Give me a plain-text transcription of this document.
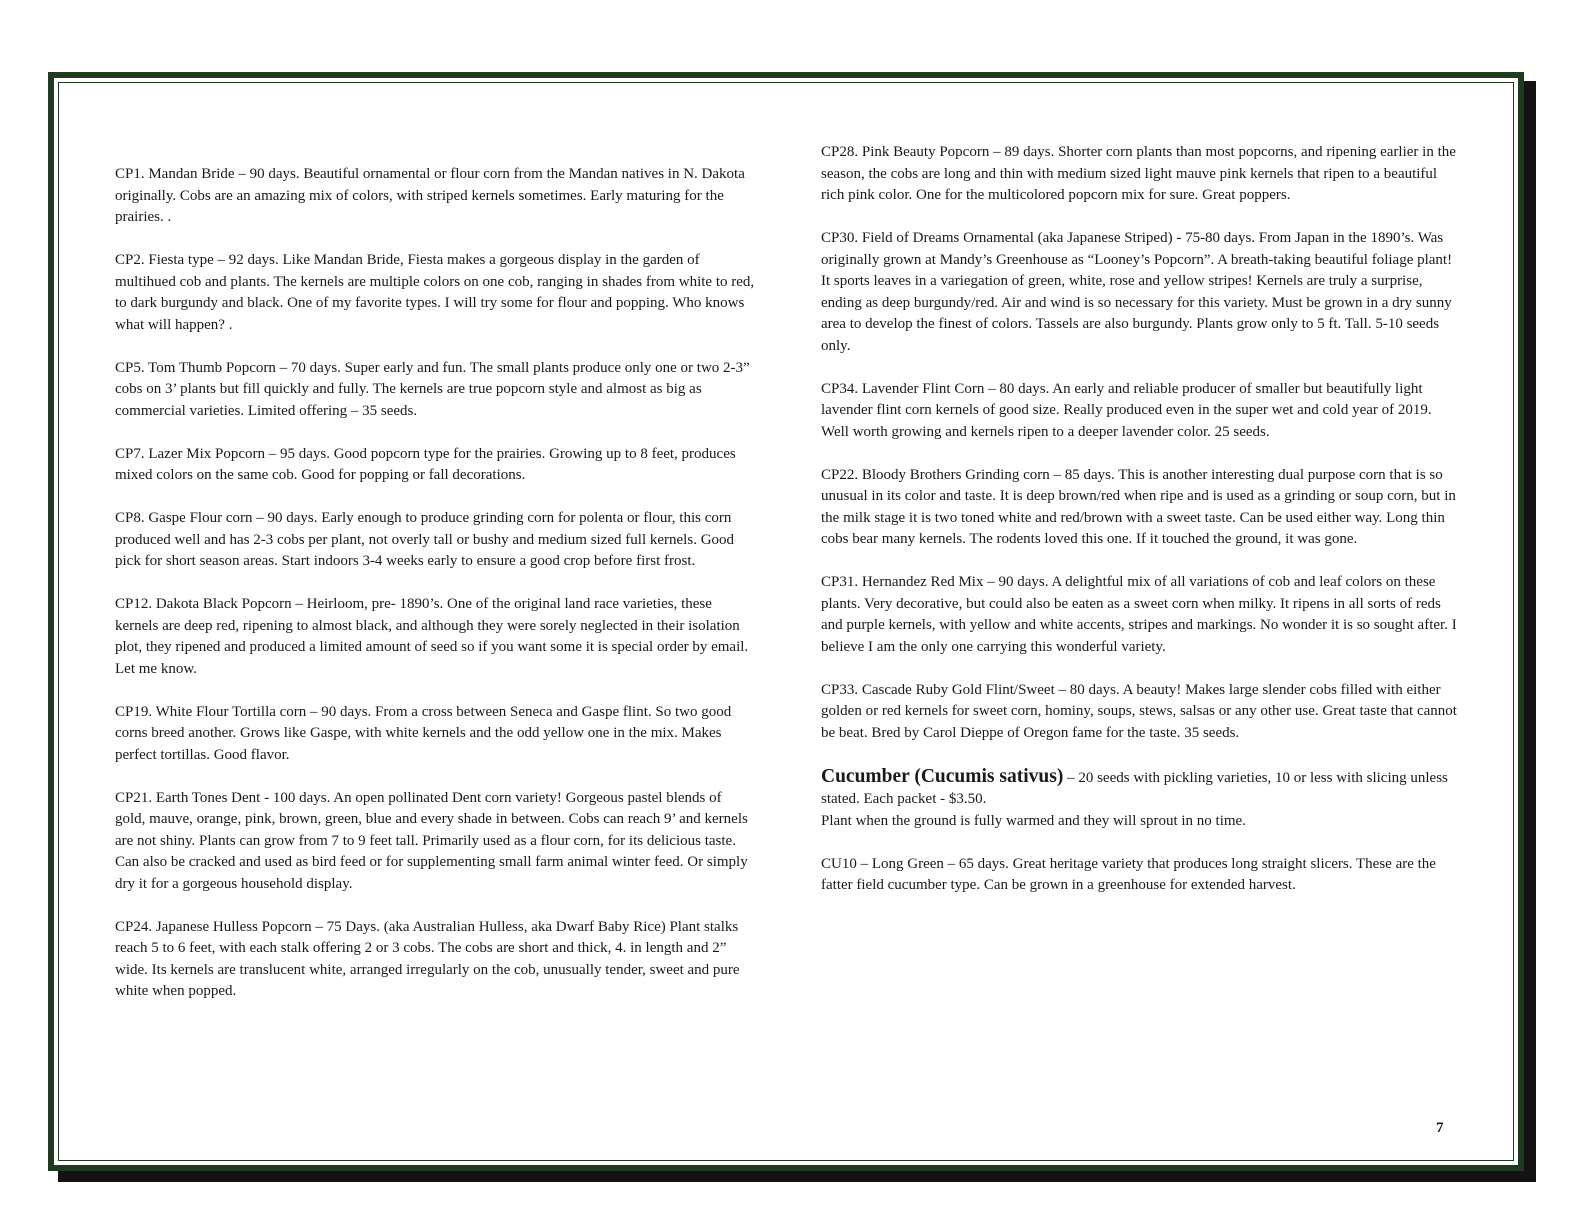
CP1. Mandan Bride – 90 days. Beautiful ornamental or flour corn from the Mandan natives in N. Dakota originally. Cobs are an amazing mix of colors, with striped kernels sometimes. Early maturing for the prairies. .

CP2. Fiesta type – 92 days. Like Mandan Bride, Fiesta makes a gorgeous display in the garden of multihued cob and plants. The kernels are multiple colors on one cob, ranging in shades from white to red, to dark burgundy and black. One of my favorite types. I will try some for flour and popping. Who knows what will happen? .

CP5. Tom Thumb Popcorn – 70 days. Super early and fun. The small plants produce only one or two 2-3” cobs on 3’ plants but fill quickly and fully. The kernels are true popcorn style and almost as big as commercial varieties. Limited offering – 35 seeds.

CP7. Lazer Mix Popcorn – 95 days. Good popcorn type for the prairies. Growing up to 8 feet, produces mixed colors on the same cob. Good for popping or fall decorations.

CP8. Gaspe Flour corn – 90 days. Early enough to produce grinding corn for polenta or flour, this corn produced well and has 2-3 cobs per plant, not overly tall or bushy and medium sized full kernels. Good pick for short season areas. Start indoors 3-4 weeks early to ensure a good crop before first frost.

CP12. Dakota Black Popcorn – Heirloom, pre- 1890’s. One of the original land race varieties, these kernels are deep red, ripening to almost black, and although they were sorely neglected in their isolation plot, they ripened and produced a limited amount of seed so if you want some it is special order by email. Let me know.

CP19. White Flour Tortilla corn – 90 days. From a cross between Seneca and Gaspe flint. So two good corns breed another. Grows like Gaspe, with white kernels and the odd yellow one in the mix. Makes perfect tortillas. Good flavor.

CP21. Earth Tones Dent - 100 days. An open pollinated Dent corn variety! Gorgeous pastel blends of gold, mauve, orange, pink, brown, green, blue and every shade in between. Cobs can reach 9’ and kernels are not shiny. Plants can grow from 7 to 9 feet tall. Primarily used as a flour corn, for its delicious taste. Can also be cracked and used as bird feed or for supplementing small farm animal winter feed. Or simply dry it for a gorgeous household display.

CP24. Japanese Hulless Popcorn – 75 Days. (aka Australian Hulless, aka Dwarf Baby Rice) Plant stalks reach 5 to 6 feet, with each stalk offering 2 or 3 cobs. The cobs are short and thick, 4. in length and 2” wide. Its kernels are translucent white, arranged irregularly on the cob, unusually tender, sweet and pure white when popped.

CP28. Pink Beauty Popcorn – 89 days. Shorter corn plants than most popcorns, and ripening earlier in the season, the cobs are long and thin with medium sized light mauve pink kernels that ripen to a beautiful rich pink color. One for the multicolored popcorn mix for sure. Great poppers.

CP30. Field of Dreams Ornamental (aka Japanese Striped) - 75-80 days. From Japan in the 1890’s. Was originally grown at Mandy’s Greenhouse as “Looney’s Popcorn”. A breath-taking beautiful foliage plant! It sports leaves in a variegation of green, white, rose and yellow stripes! Kernels are truly a surprise, ending as deep burgundy/red. Air and wind is so necessary for this variety. Must be grown in a dry sunny area to develop the finest of colors. Tassels are also burgundy. Plants grow only to 5 ft. Tall. 5-10 seeds only.

CP34. Lavender Flint Corn – 80 days. An early and reliable producer of smaller but beautifully light lavender flint corn kernels of good size. Really produced even in the super wet and cold year of 2019. Well worth growing and kernels ripen to a deeper lavender color. 25 seeds.

CP22. Bloody Brothers Grinding corn – 85 days. This is another interesting dual purpose corn that is so unusual in its color and taste. It is deep brown/red when ripe and is used as a grinding or soup corn, but in the milk stage it is two toned white and red/brown with a sweet taste. Can be used either way. Long thin cobs bear many kernels. The rodents loved this one. If it touched the ground, it was gone.

CP31. Hernandez Red Mix – 90 days. A delightful mix of all variations of cob and leaf colors on these plants. Very decorative, but could also be eaten as a sweet corn when milky. It ripens in all sorts of reds and purple kernels, with yellow and white accents, stripes and markings. No wonder it is so sought after. I believe I am the only one carrying this wonderful variety.

CP33. Cascade Ruby Gold Flint/Sweet – 80 days. A beauty! Makes large slender cobs filled with either golden or red kernels for sweet corn, hominy, soups, stews, salsas or any other use. Great taste that cannot be beat. Bred by Carol Dieppe of Oregon fame for the taste. 35 seeds.

Cucumber (Cucumis sativus) – 20 seeds with pickling varieties, 10 or less with slicing unless stated. Each packet - $3.50.

Plant when the ground is fully warmed and they will sprout in no time.

CU10 – Long Green – 65 days. Great heritage variety that produces long straight slicers. These are the fatter field cucumber type. Can be grown in a greenhouse for extended harvest.

7
